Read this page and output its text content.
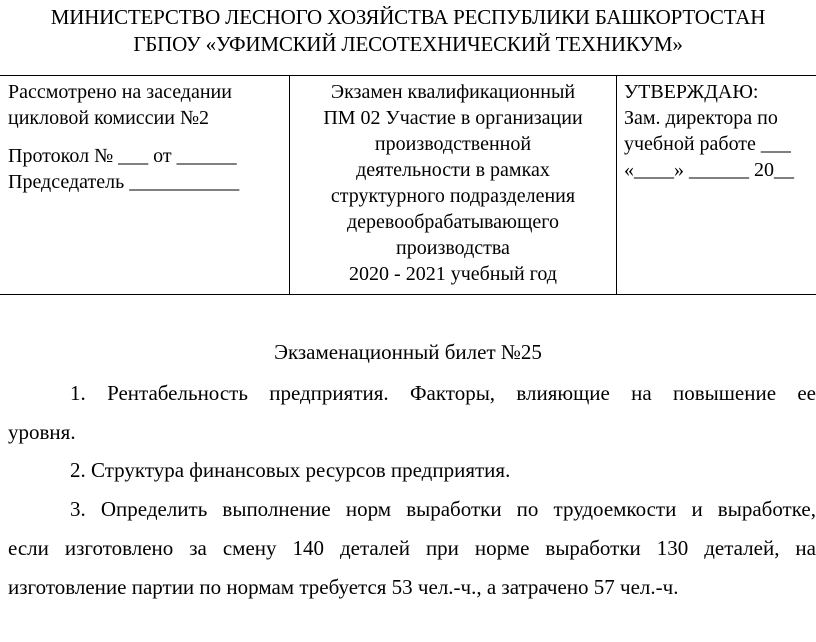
МИНИСТЕРСТВО ЛЕСНОГО ХОЗЯЙСТВА РЕСПУБЛИКИ БАШКОРТОСТАН
ГБПОУ «УФИМСКИЙ ЛЕСОТЕХНИЧЕСКИЙ ТЕХНИКУМ»
Рассмотрено на заседании
цикловой комиссии №2
Протокол № ___ от ______
Председатель ___________
Экзамен квалификационный
ПМ 02 Участие в организации
производственной
деятельности в рамках
структурного подразделения
деревообрабатывающего
производства
2020 - 2021 учебный год
УТВЕРЖДАЮ:
Зам. директора по
учебной работе ___
«____» ______ 20__
Экзаменационный билет №25
1. Рентабельность предприятия. Факторы, влияющие на повышение ее
уровня.
2. Структура финансовых ресурсов предприятия.
3. Определить выполнение норм выработки по трудоемкости и выработке,
если изготовлено за смену 140 деталей при норме выработки 130 деталей, на
изготовление партии по нормам требуется 53 чел.-ч., а затрачено 57 чел.-ч.
